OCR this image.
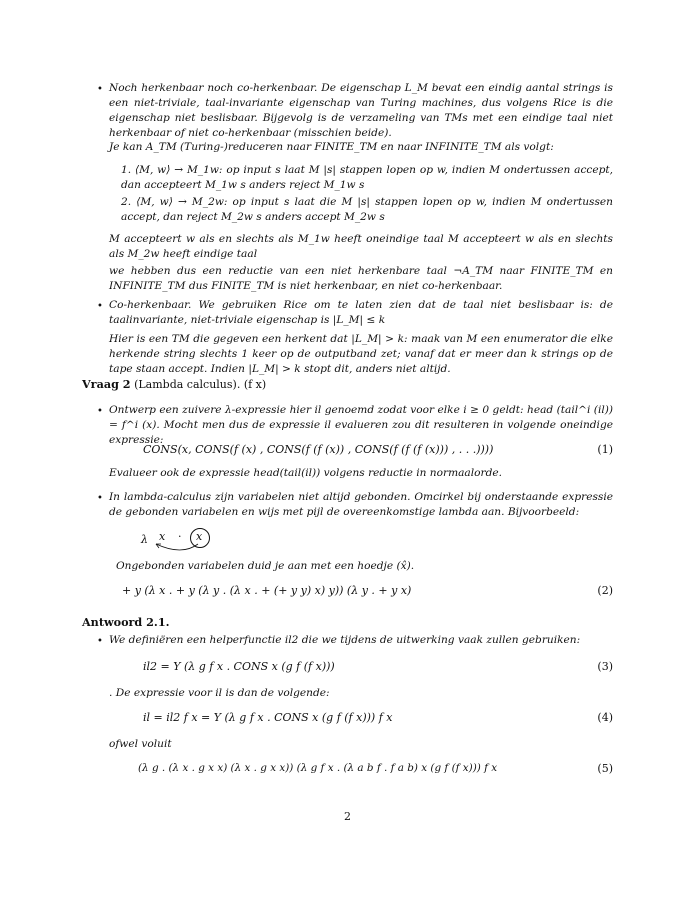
• Noch herkenbaar noch co-herkenbaar. De eigenschap L_M bevat een eindig aantal strings is een niet-triviale, taal-invariante eigenschap van Turing machines, dus volgens Rice is die eigenschap niet beslisbaar. Bijgevolg is de verzameling van TMs met een eindige taal niet herkenbaar of niet co-herkenbaar (misschien beide).
Je kan A_TM (Turing-)reduceren naar FINITE_TM en naar INFINITE_TM als volgt:
1. ⟨M, w⟩ → M_1w: op input s laat M |s| stappen lopen op w, indien M ondertussen accept, dan accepteert M_1w s anders reject M_1w s
2. ⟨M, w⟩ → M_2w: op input s laat die M |s| stappen lopen op w, indien M ondertussen accept, dan reject M_2w s anders accept M_2w s
M accepteert w als en slechts als M_1w heeft oneindige taal M accepteert w als en slechts als M_2w heeft eindige taal
we hebben dus een reductie van een niet herkenbare taal ¬A_TM naar FINITE_TM en INFINITE_TM dus FINITE_TM is niet herkenbaar, en niet co-herkenbaar.
• Co-herkenbaar. We gebruiken Rice om te laten zien dat de taal niet beslisbaar is: de taalinvariante, niet-triviale eigenschap is |L_M| ≤ k
Hier is een TM die gegeven een herkent dat |L_M| > k: maak van M een enumerator die elke herkende string slechts 1 keer op de outputband zet; vanaf dat er meer dan k strings op de tape staan accept. Indien |L_M| > k stopt dit, anders niet altijd.
Vraag 2 (Lambda calculus). (f x)
• Ontwerp een zuivere λ-expressie hier il genoemd zodat voor elke i ≥ 0 geldt: head (tail^i (il)) = f^i (x). Mocht men dus de expressie il evalueren zou dit resulteren in volgende oneindige expressie:
CONS(x, CONS(f (x) , CONS(f (f (x)) , CONS(f (f (f (x))) , . . .))))	(1)
Evalueer ook de expressie head(tail(il)) volgens reductie in normaalorde.
• In lambda-calculus zijn variabelen niet altijd gebonden. Omcirkel bij onderstaande expressie de gebonden variabelen en wijs met pijl de overeenkomstige lambda aan. Bijvoorbeeld:
λ x · x
Ongebonden variabelen duid je aan met een hoedje (x̂).
+ y (λ x . + y (λ y . (λ x . + (+ y y) x) y)) (λ y . + y x)	(2)
Antwoord 2.1.
• We definiëren een helperfunctie il2 die we tijdens de uitwerking vaak zullen gebruiken:
il2 = Y (λ g f x . CONS x (g f (f x)))	(3)
. De expressie voor il is dan de volgende:
il = il2 f x = Y (λ g f x . CONS x (g f (f x))) f x	(4)
ofwel voluit
(λ g . (λ x . g x x) (λ x . g x x)) (λ g f x . (λ a b f . f a b) x (g f (f x))) f x	(5)
2
